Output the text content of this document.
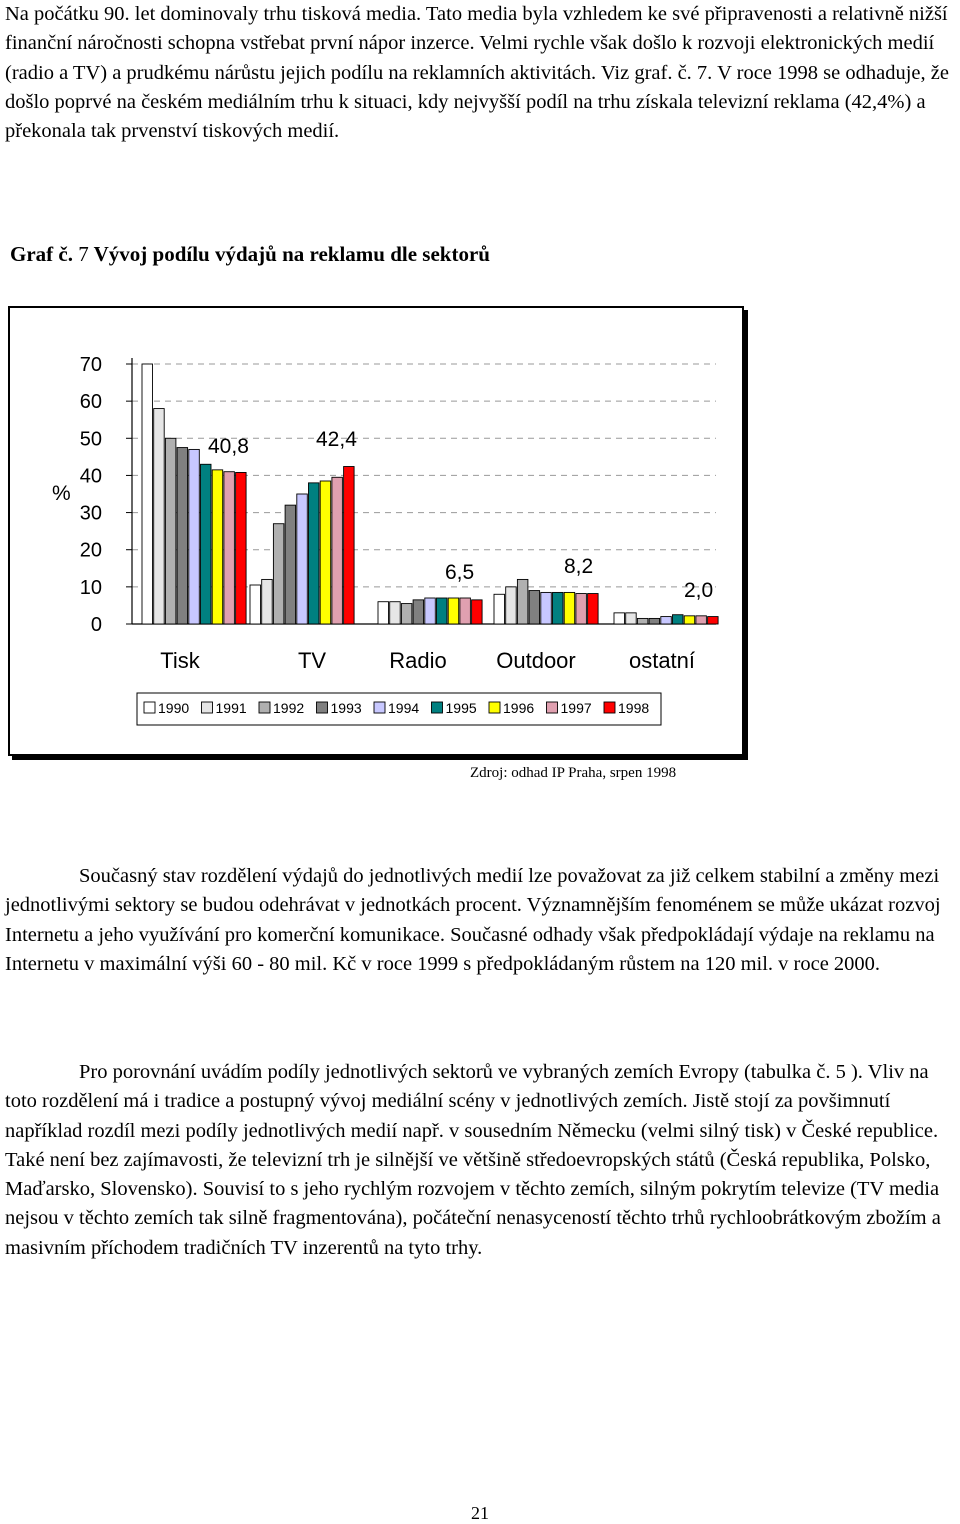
Na počátku 90. let dominovaly trhu tisková media. Tato media byla vzhledem ke své připravenosti a relativně nižší finanční náročnosti schopna vstřebat první nápor inzerce. Velmi rychle však došlo k rozvoji elektronických medií (radio a TV) a prudkému nárůstu jejich podílu na reklamních aktivitách. Viz graf. č. 7. V roce 1998 se odhaduje, že došlo poprvé na českém mediálním trhu k situaci, kdy nejvyšší podíl na trhu získala televizní reklama (42,4%) a překonala tak prvenství tiskových medií.

Graf č. 7 Vývoj podílu výdajů na reklamu dle sektorů
0
10
20
30
40
50
60
70
%
40,8	42,4
6,5	8,2
2,0
Tisk	TV	Radio Outdoor ostatní
1990 1991 1992 1993 1994 1995 1996 1997 1998
Zdroj: odhad IP Praha, srpen 1998

Současný stav rozdělení výdajů do jednotlivých medií lze považovat za již celkem stabilní a změny mezi jednotlivými sektory se budou odehrávat v jednotkách procent. Významnějším fenoménem se může ukázat rozvoj Internetu a jeho využívání pro komerční komunikace. Současné odhady však předpokládají výdaje na reklamu na Internetu v maximální výši 60 - 80 mil. Kč v roce 1999 s předpokládaným růstem na 120 mil. v roce 2000.

Pro porovnání uvádím podíly jednotlivých sektorů ve vybraných zemích Evropy (tabulka č. 5 ). Vliv na toto rozdělení má i tradice a postupný vývoj mediální scény v jednotlivých zemích. Jistě stojí za povšimnutí například rozdíl mezi podíly jednotlivých medií např. v sousedním Německu (velmi silný tisk) v České republice. Také není bez zajímavosti, že televizní trh je silnější ve většině středoevropských států (Česká republika, Polsko, Maďarsko, Slovensko). Souvisí to s jeho rychlým rozvojem v těchto zemích, silným pokrytím televize (TV media nejsou v těchto zemích tak silně fragmentována), počáteční nenasyceností těchto trhů rychloobrátkovým zbožím a masivním příchodem tradičních TV inzerentů na tyto trhy.

21
